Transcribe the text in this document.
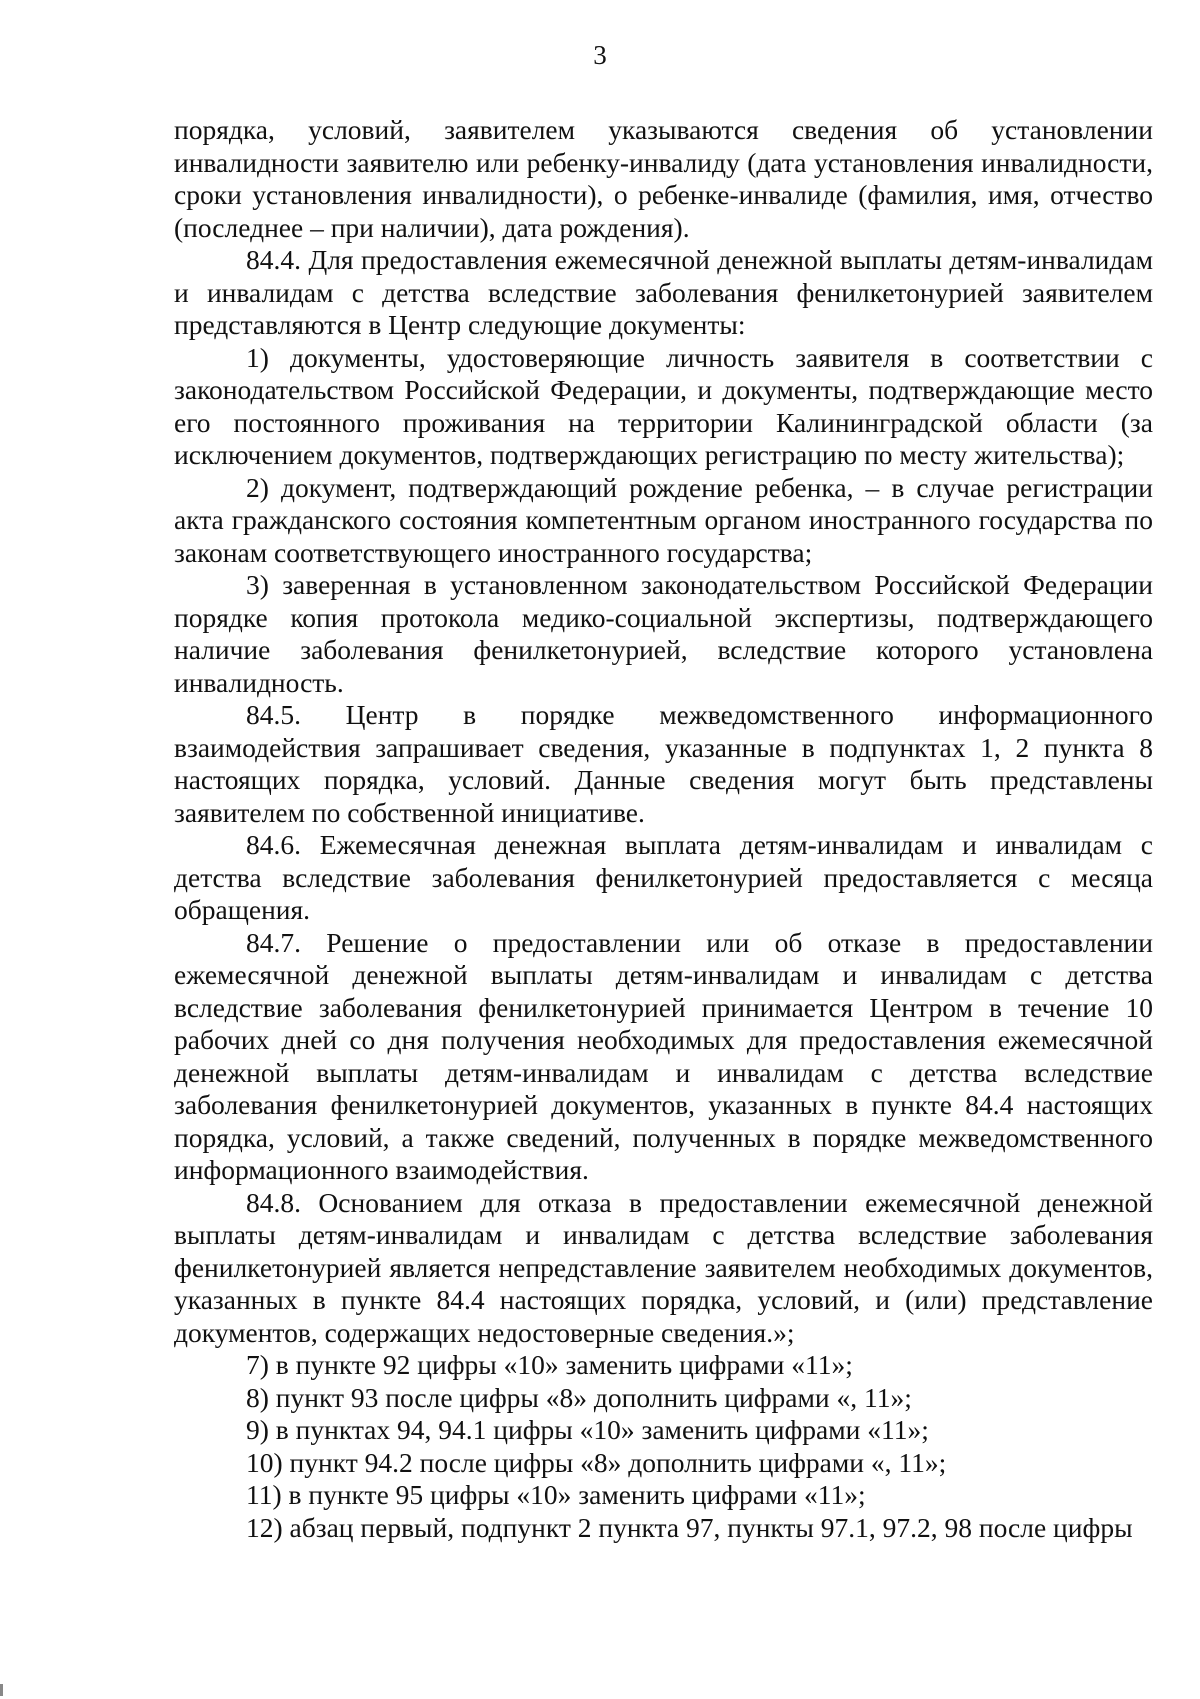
3

порядка, условий, заявителем указываются сведения об установлении инвалидности заявителю или ребенку-инвалиду (дата установления инвалидности, сроки установления инвалидности), о ребенке-инвалиде (фамилия, имя, отчество (последнее – при наличии), дата рождения).

84.4. Для предоставления ежемесячной денежной выплаты детям-инвалидам и инвалидам с детства вследствие заболевания фенилкетонурией заявителем представляются в Центр следующие документы:

1) документы, удостоверяющие личность заявителя в соответствии с законодательством Российской Федерации, и документы, подтверждающие место его постоянного проживания на территории Калининградской области (за исключением документов, подтверждающих регистрацию по месту жительства);

2) документ, подтверждающий рождение ребенка, – в случае регистрации акта гражданского состояния компетентным органом иностранного государства по законам соответствующего иностранного государства;

3) заверенная в установленном законодательством Российской Федерации порядке копия протокола медико-социальной экспертизы, подтверждающего наличие заболевания фенилкетонурией, вследствие которого установлена инвалидность.

84.5. Центр в порядке межведомственного информационного взаимодействия запрашивает сведения, указанные в подпунктах 1, 2 пункта 8 настоящих порядка, условий. Данные сведения могут быть представлены заявителем по собственной инициативе.

84.6. Ежемесячная денежная выплата детям-инвалидам и инвалидам с детства вследствие заболевания фенилкетонурией предоставляется с месяца обращения.

84.7. Решение о предоставлении или об отказе в предоставлении ежемесячной денежной выплаты детям-инвалидам и инвалидам с детства вследствие заболевания фенилкетонурией принимается Центром в течение 10 рабочих дней со дня получения необходимых для предоставления ежемесячной денежной выплаты детям-инвалидам и инвалидам с детства вследствие заболевания фенилкетонурией документов, указанных в пункте 84.4 настоящих порядка, условий, а также сведений, полученных в порядке межведомственного информационного взаимодействия.

84.8. Основанием для отказа в предоставлении ежемесячной денежной выплаты детям-инвалидам и инвалидам с детства вследствие заболевания фенилкетонурией является непредставление заявителем необходимых документов, указанных в пункте 84.4 настоящих порядка, условий, и (или) представление документов, содержащих недостоверные сведения.»;

7) в пункте 92 цифры «10» заменить цифрами «11»;

8) пункт 93 после цифры «8» дополнить цифрами «, 11»;

9) в пунктах 94, 94.1 цифры «10» заменить цифрами «11»;

10) пункт 94.2 после цифры «8» дополнить цифрами «, 11»;

11) в пункте 95 цифры «10» заменить цифрами «11»;

12) абзац первый, подпункт 2 пункта 97, пункты 97.1, 97.2, 98 после цифры
